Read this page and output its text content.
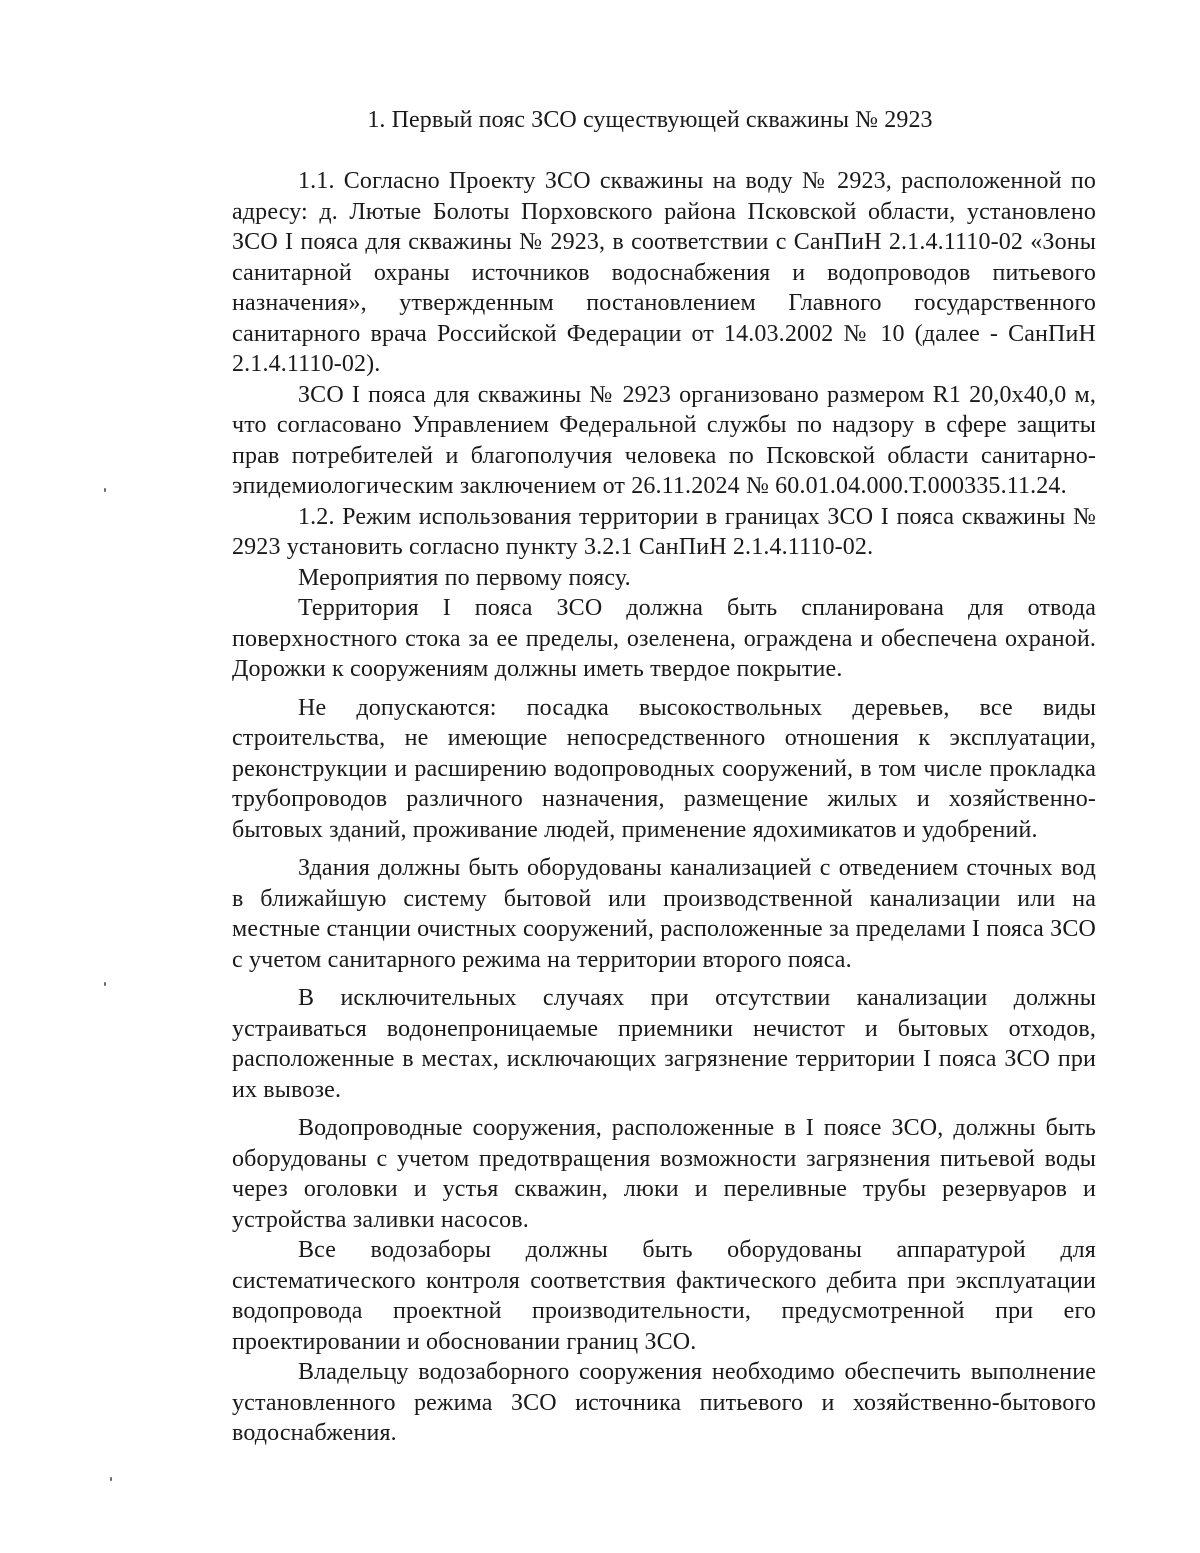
1. Первый пояс ЗСО существующей скважины № 2923

1.1. Согласно Проекту ЗСО скважины на воду № 2923, расположенной по адресу: д. Лютые Болоты Порховского района Псковской области, установлено ЗСО I пояса для скважины № 2923, в соответствии с СанПиН 2.1.4.1110-02 «Зоны санитарной охраны источников водоснабжения и водопроводов питьевого назначения», утвержденным постановлением Главного государственного санитарного врача Российской Федерации от 14.03.2002 № 10 (далее - СанПиН 2.1.4.1110-02).

ЗСО I пояса для скважины № 2923 организовано размером R1 20,0x40,0 м, что согласовано Управлением Федеральной службы по надзору в сфере защиты прав потребителей и благополучия человека по Псковской области санитарно-эпидемиологическим заключением от 26.11.2024 № 60.01.04.000.Т.000335.11.24.

1.2. Режим использования территории в границах ЗСО I пояса скважины № 2923 установить согласно пункту 3.2.1 СанПиН 2.1.4.1110-02.

Мероприятия по первому поясу.

Территория I пояса ЗСО должна быть спланирована для отвода поверхностного стока за ее пределы, озеленена, ограждена и обеспечена охраной. Дорожки к сооружениям должны иметь твердое покрытие.

Не допускаются: посадка высокоствольных деревьев, все виды строительства, не имеющие непосредственного отношения к эксплуатации, реконструкции и расширению водопроводных сооружений, в том числе прокладка трубопроводов различного назначения, размещение жилых и хозяйственно-бытовых зданий, проживание людей, применение ядохимикатов и удобрений.

Здания должны быть оборудованы канализацией с отведением сточных вод в ближайшую систему бытовой или производственной канализации или на местные станции очистных сооружений, расположенные за пределами I пояса ЗСО с учетом санитарного режима на территории второго пояса.

В исключительных случаях при отсутствии канализации должны устраиваться водонепроницаемые приемники нечистот и бытовых отходов, расположенные в местах, исключающих загрязнение территории I пояса ЗСО при их вывозе.

Водопроводные сооружения, расположенные в I поясе ЗСО, должны быть оборудованы с учетом предотвращения возможности загрязнения питьевой воды через оголовки и устья скважин, люки и переливные трубы резервуаров и устройства заливки насосов.

Все водозаборы должны быть оборудованы аппаратурой для систематического контроля соответствия фактического дебита при эксплуатации водопровода проектной производительности, предусмотренной при его проектировании и обосновании границ ЗСО.

Владельцу водозаборного сооружения необходимо обеспечить выполнение установленного режима ЗСО источника питьевого и хозяйственно-бытового водоснабжения.
